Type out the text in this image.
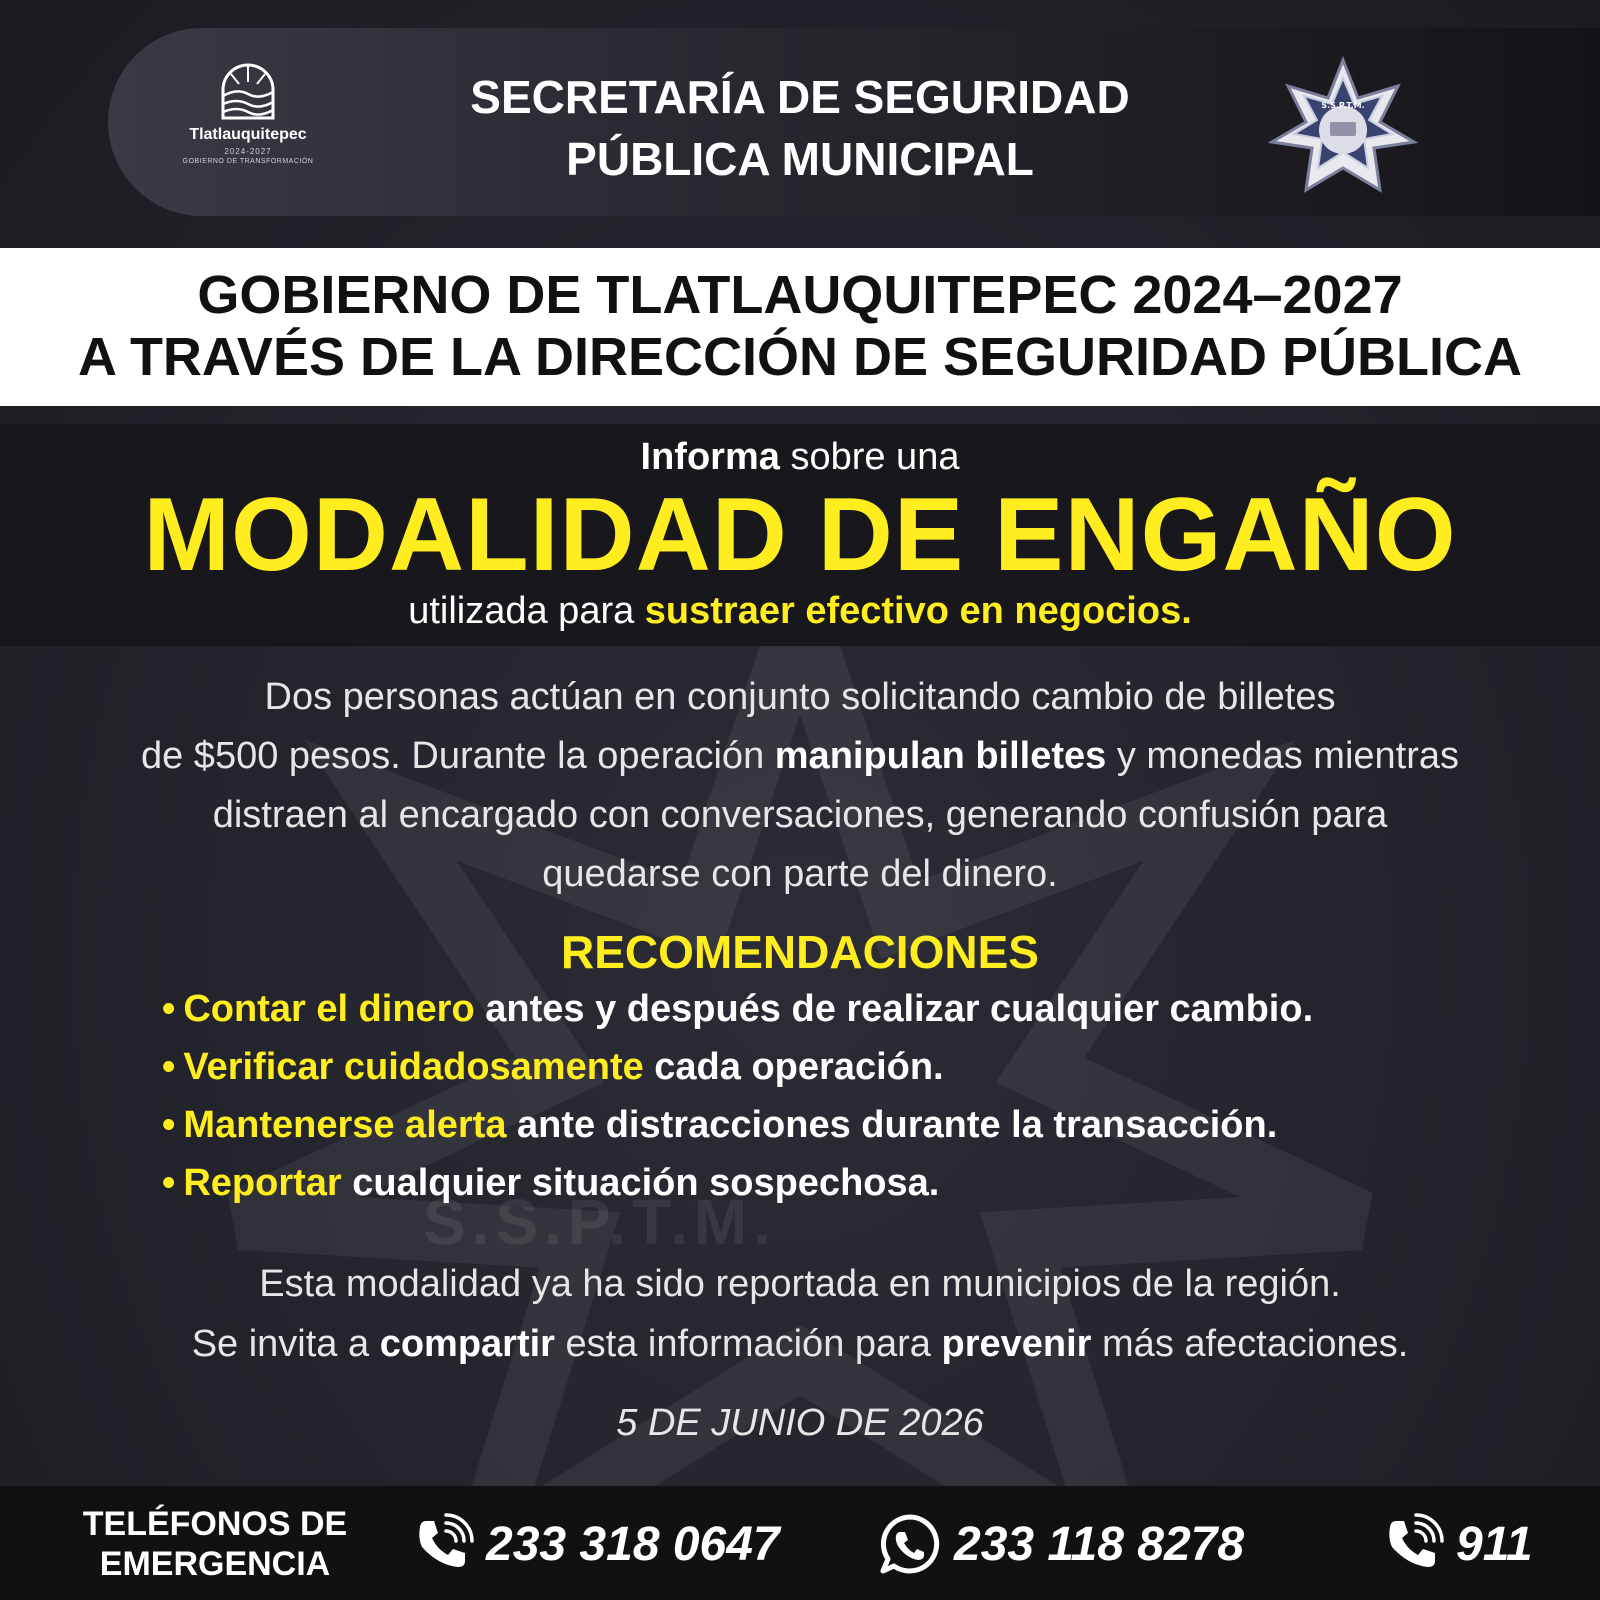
S.S.P.T.M.
Tlatlauquitepec
2024-2027
GOBIERNO DE TRANSFORMACIÓN
SECRETARÍA DE SEGURIDAD
PÚBLICA MUNICIPAL
S.S.P.T.M.
GOBIERNO DE TLATLAUQUITEPEC 2024–2027
A TRAVÉS DE LA DIRECCIÓN DE SEGURIDAD PÚBLICA
Informa sobre una
MODALIDAD DE ENGAÑO
utilizada para sustraer efectivo en negocios.
Dos personas actúan en conjunto solicitando cambio de billetes
de $500 pesos. Durante la operación manipulan billetes y monedas mientras
distraen al encargado con conversaciones, generando confusión para
quedarse con parte del dinero.
RECOMENDACIONES
• Contar el dinero antes y después de realizar cualquier cambio.
• Verificar cuidadosamente cada operación.
• Mantenerse alerta ante distracciones durante la transacción.
• Reportar cualquier situación sospechosa.
Esta modalidad ya ha sido reportada en municipios de la región.
Se invita a compartir esta información para prevenir más afectaciones.
5 DE JUNIO DE 2026
TELÉFONOS DE
EMERGENCIA	233 318 0647	233 118 8278	911
